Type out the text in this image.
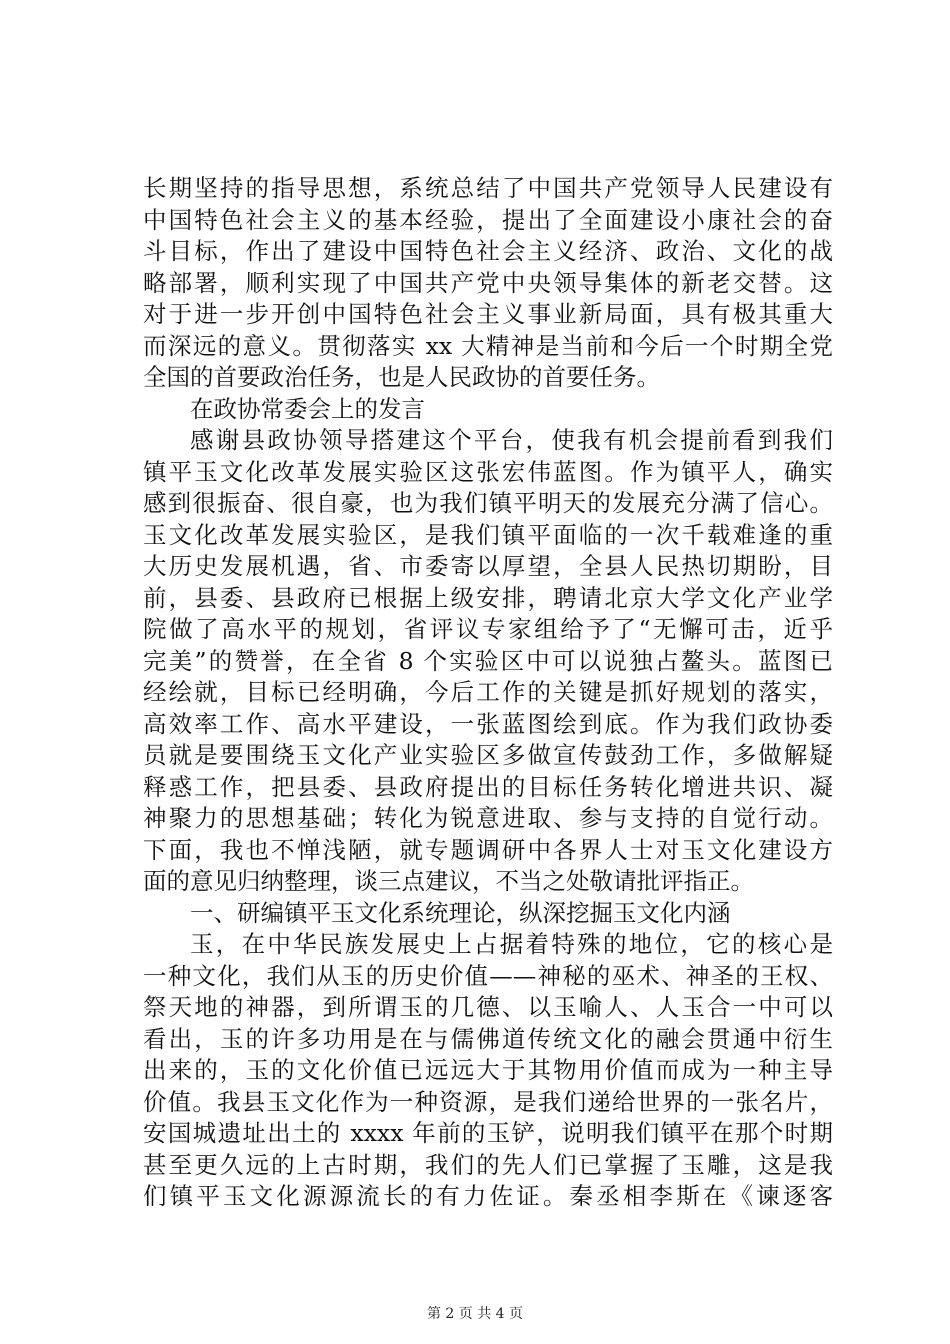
长期坚持的指导思想，系统总结了中国共产党领导人民建设有
中国特色社会主义的基本经验，提出了全面建设小康社会的奋
斗目标，作出了建设中国特色社会主义经济、政治、文化的战
略部署，顺利实现了中国共产党中央领导集体的新老交替。这
对于进一步开创中国特色社会主义事业新局面，具有极其重大
而深远的意义。贯彻落实 xx 大精神是当前和今后一个时期全党
全国的首要政治任务，也是人民政协的首要任务。
在政协常委会上的发言
感谢县政协领导搭建这个平台，使我有机会提前看到我们
镇平玉文化改革发展实验区这张宏伟蓝图。作为镇平人，确实
感到很振奋、很自豪，也为我们镇平明天的发展充分满了信心。
玉文化改革发展实验区，是我们镇平面临的一次千载难逢的重
大历史发展机遇，省、市委寄以厚望，全县人民热切期盼，目
前，县委、县政府已根据上级安排，聘请北京大学文化产业学
院做了高水平的规划，省评议专家组给予了“无懈可击，近乎
完美”的赞誉，在全省 8 个实验区中可以说独占鳌头。蓝图已
经绘就，目标已经明确，今后工作的关键是抓好规划的落实，
高效率工作、高水平建设，一张蓝图绘到底。作为我们政协委
员就是要围绕玉文化产业实验区多做宣传鼓劲工作，多做解疑
释惑工作，把县委、县政府提出的目标任务转化增进共识、凝
神聚力的思想基础；转化为锐意进取、参与支持的自觉行动。
下面，我也不惮浅陋，就专题调研中各界人士对玉文化建设方
面的意见归纳整理，谈三点建议，不当之处敬请批评指正。
一、研编镇平玉文化系统理论，纵深挖掘玉文化内涵
玉，在中华民族发展史上占据着特殊的地位，它的核心是
一种文化，我们从玉的历史价值——神秘的巫术、神圣的王权、
祭天地的神器，到所谓玉的几德、以玉喻人、人玉合一中可以
看出，玉的许多功用是在与儒佛道传统文化的融会贯通中衍生
出来的，玉的文化价值已远远大于其物用价值而成为一种主导
价值。我县玉文化作为一种资源，是我们递给世界的一张名片，
安国城遗址出土的 xxxx 年前的玉铲，说明我们镇平在那个时期
甚至更久远的上古时期，我们的先人们已掌握了玉雕，这是我
们镇平玉文化源源流长的有力佐证。秦丞相李斯在《谏逐客
第 2 页 共 4 页
